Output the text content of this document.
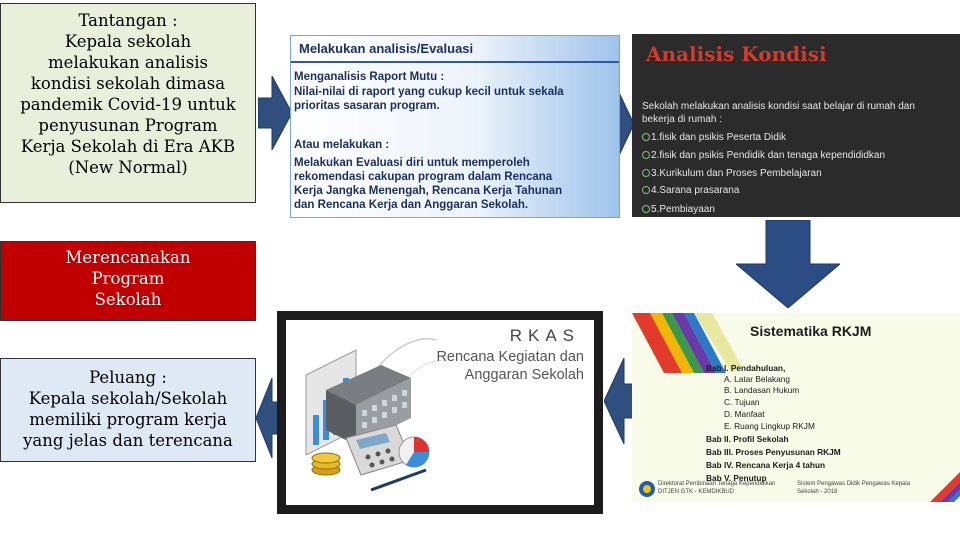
Tantangan :
Kepala sekolah
melakukan analisis
kondisi sekolah dimasa
pandemik Covid-19 untuk
penyusunan Program
Kerja Sekolah di Era AKB
(New Normal)
Merencanakan
Program
Sekolah
Peluang :
Kepala sekolah/Sekolah
memiliki program kerja
yang jelas dan terencana
Melakukan analisis/Evaluasi
Menganalisis Raport Mutu :
Nilai-nilai di raport yang cukup kecil untuk sekala
prioritas sasaran program.
Atau melakukan :
Melakukan Evaluasi diri untuk memperoleh
rekomendasi cakupan program dalam Rencana
Kerja Jangka Menengah, Rencana Kerja Tahunan
dan Rencana Kerja dan Anggaran Sekolah.
Analisis Kondisi
Sekolah melakukan analisis kondisi saat belajar di rumah dan bekerja di rumah :
1.fisik dan psikis Peserta Didik
2.fisik dan psikis Pendidik dan tenaga kependididkan
3.Kurikulum dan Proses Pembelajaran
4.Sarana prasarana
5.Pembiayaan
RKAS
Rencana Kegiatan dan
Anggaran Sekolah
Sistematika RKJM
Bab I. Pendahuluan,
A. Latar Belakang
B. Landasan Hukum
C. Tujuan
D. Manfaat
E. Ruang Lingkup RKJM
Bab II. Profil Sekolah
Bab III. Proses Penyusunan RKJM
Bab IV. Rencana Kerja 4 tahun
Bab V. Penutup
Direktorat Pembinaan Tenaga Kependidikan DITJEN GTK - KEMDIKBUD
Sistem Pengawas Didik Pengawas Kepala Sekolah - 2018
